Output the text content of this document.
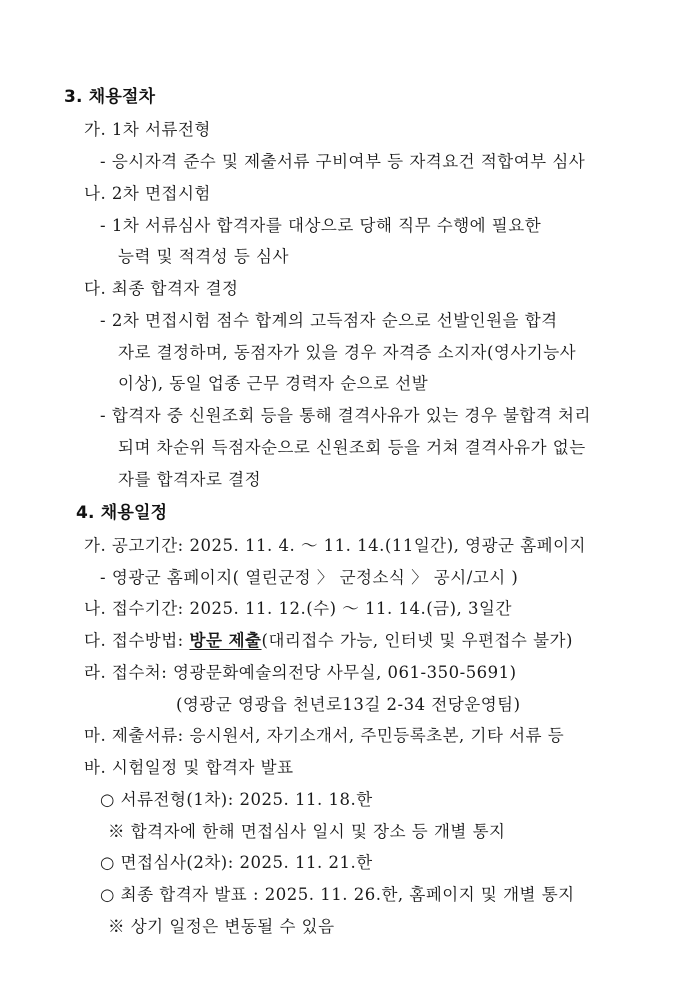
3. 채용절차
가. 1차 서류전형
- 응시자격 준수 및 제출서류 구비여부 등 자격요건 적합여부 심사
나. 2차 면접시험
- 1차 서류심사 합격자를 대상으로 당해 직무 수행에 필요한
능력 및 적격성 등 심사
다. 최종 합격자 결정
- 2차 면접시험 점수 합계의 고득점자 순으로 선발인원을 합격
자로 결정하며, 동점자가 있을 경우 자격증 소지자(영사기능사
이상), 동일 업종 근무 경력자 순으로 선발
- 합격자 중 신원조회 등을 통해 결격사유가 있는 경우 불합격 처리
되며 차순위 득점자순으로 신원조회 등을 거쳐 결격사유가 없는
자를 합격자로 결정
4. 채용일정
가. 공고기간: 2025. 11. 4. ～ 11. 14.(11일간), 영광군 홈페이지
- 영광군 홈페이지( 열린군정 〉 군정소식 〉 공시/고시 )
나. 접수기간: 2025. 11. 12.(수) ～ 11. 14.(금), 3일간
다. 접수방법: 방문 제출(대리접수 가능, 인터넷 및 우편접수 불가)
라. 접수처: 영광문화예술의전당 사무실, 061-350-5691)
(영광군 영광읍 천년로13길 2-34 전당운영팀)
마. 제출서류: 응시원서, 자기소개서, 주민등록초본, 기타 서류 등
바. 시험일정 및 합격자 발표
○ 서류전형(1차): 2025. 11. 18.한
※ 합격자에 한해 면접심사 일시 및 장소 등 개별 통지
○ 면접심사(2차): 2025. 11. 21.한
○ 최종 합격자 발표 : 2025. 11. 26.한, 홈페이지 및 개별 통지
※ 상기 일정은 변동될 수 있음
